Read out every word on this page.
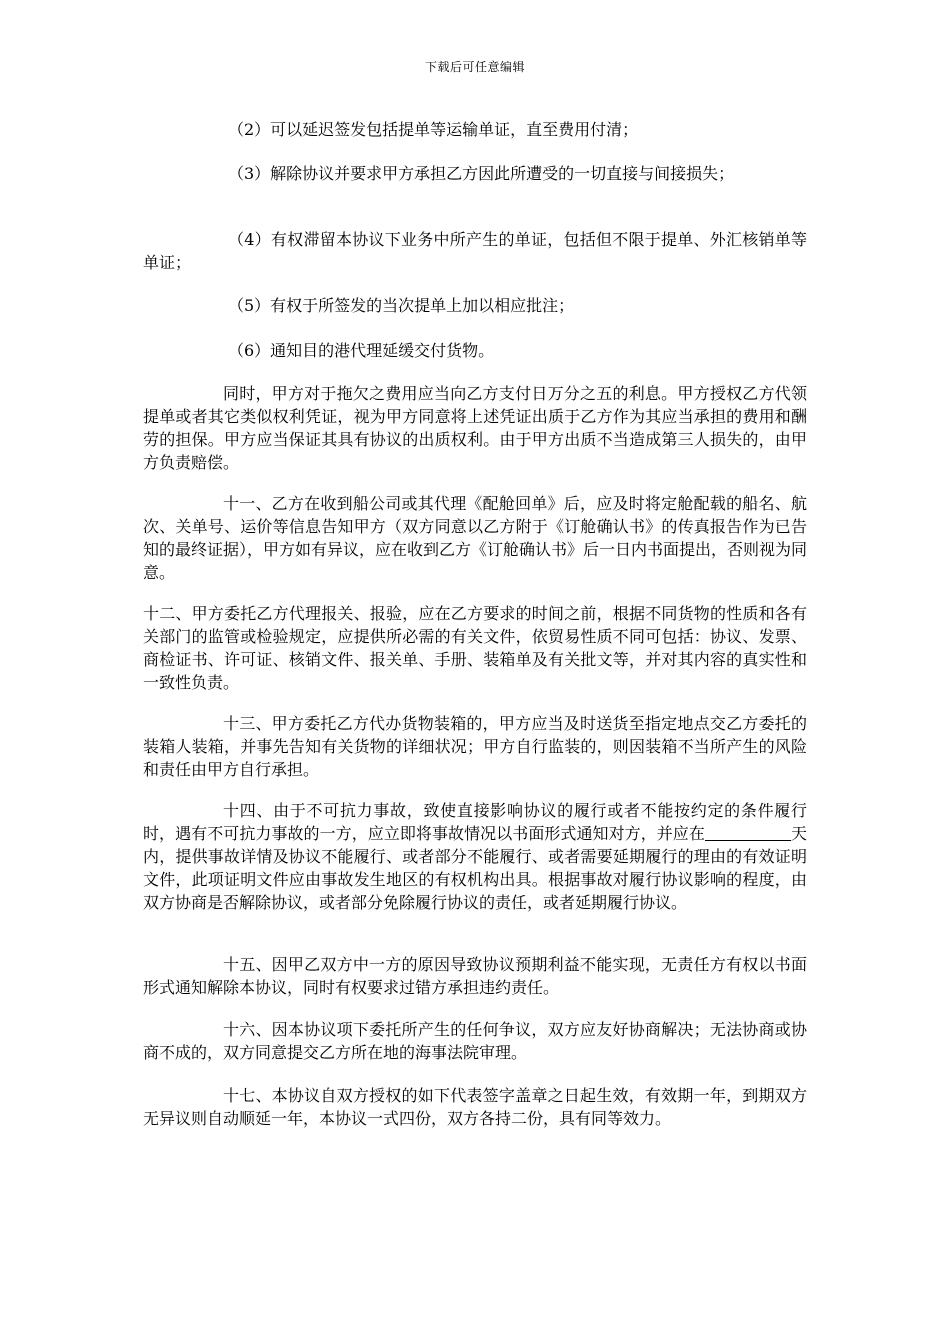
下载后可任意编辑

（2）可以延迟签发包括提单等运输单证，直至费用付清；

（3）解除协议并要求甲方承担乙方因此所遭受的一切直接与间接损失；

（4）有权滞留本协议下业务中所产生的单证，包括但不限于提单、外汇核销单等单证；

（5）有权于所签发的当次提单上加以相应批注；

（6）通知目的港代理延缓交付货物。

同时，甲方对于拖欠之费用应当向乙方支付日万分之五的利息。甲方授权乙方代领提单或者其它类似权利凭证，视为甲方同意将上述凭证出质于乙方作为其应当承担的费用和酬劳的担保。甲方应当保证其具有协议的出质权利。由于甲方出质不当造成第三人损失的，由甲方负责赔偿。

十一、乙方在收到船公司或其代理《配舱回单》后，应及时将定舱配载的船名、航次、关单号、运价等信息告知甲方（双方同意以乙方附于《订舱确认书》的传真报告作为已告知的最终证据），甲方如有异议，应在收到乙方《订舱确认书》后一日内书面提出，否则视为同意。

十二、甲方委托乙方代理报关、报验，应在乙方要求的时间之前，根据不同货物的性质和各有关部门的监管或检验规定，应提供所必需的有关文件，依贸易性质不同可包括：协议、发票、商检证书、许可证、核销文件、报关单、手册、装箱单及有关批文等，并对其内容的真实性和一致性负责。

十三、甲方委托乙方代办货物装箱的，甲方应当及时送货至指定地点交乙方委托的装箱人装箱，并事先告知有关货物的详细状况；甲方自行监装的，则因装箱不当所产生的风险和责任由甲方自行承担。

十四、由于不可抗力事故，致使直接影响协议的履行或者不能按约定的条件履行时，遇有不可抗力事故的一方，应立即将事故情况以书面形式通知对方，并应在	天内，提供事故详情及协议不能履行、或者部分不能履行、或者需要延期履行的理由的有效证明文件，此项证明文件应由事故发生地区的有权机构出具。根据事故对履行协议影响的程度，由双方协商是否解除协议，或者部分免除履行协议的责任，或者延期履行协议。

十五、因甲乙双方中一方的原因导致协议预期利益不能实现，无责任方有权以书面形式通知解除本协议，同时有权要求过错方承担违约责任。

十六、因本协议项下委托所产生的任何争议，双方应友好协商解决；无法协商或协商不成的，双方同意提交乙方所在地的海事法院审理。

十七、本协议自双方授权的如下代表签字盖章之日起生效，有效期一年，到期双方无异议则自动顺延一年，本协议一式四份，双方各持二份，具有同等效力。
